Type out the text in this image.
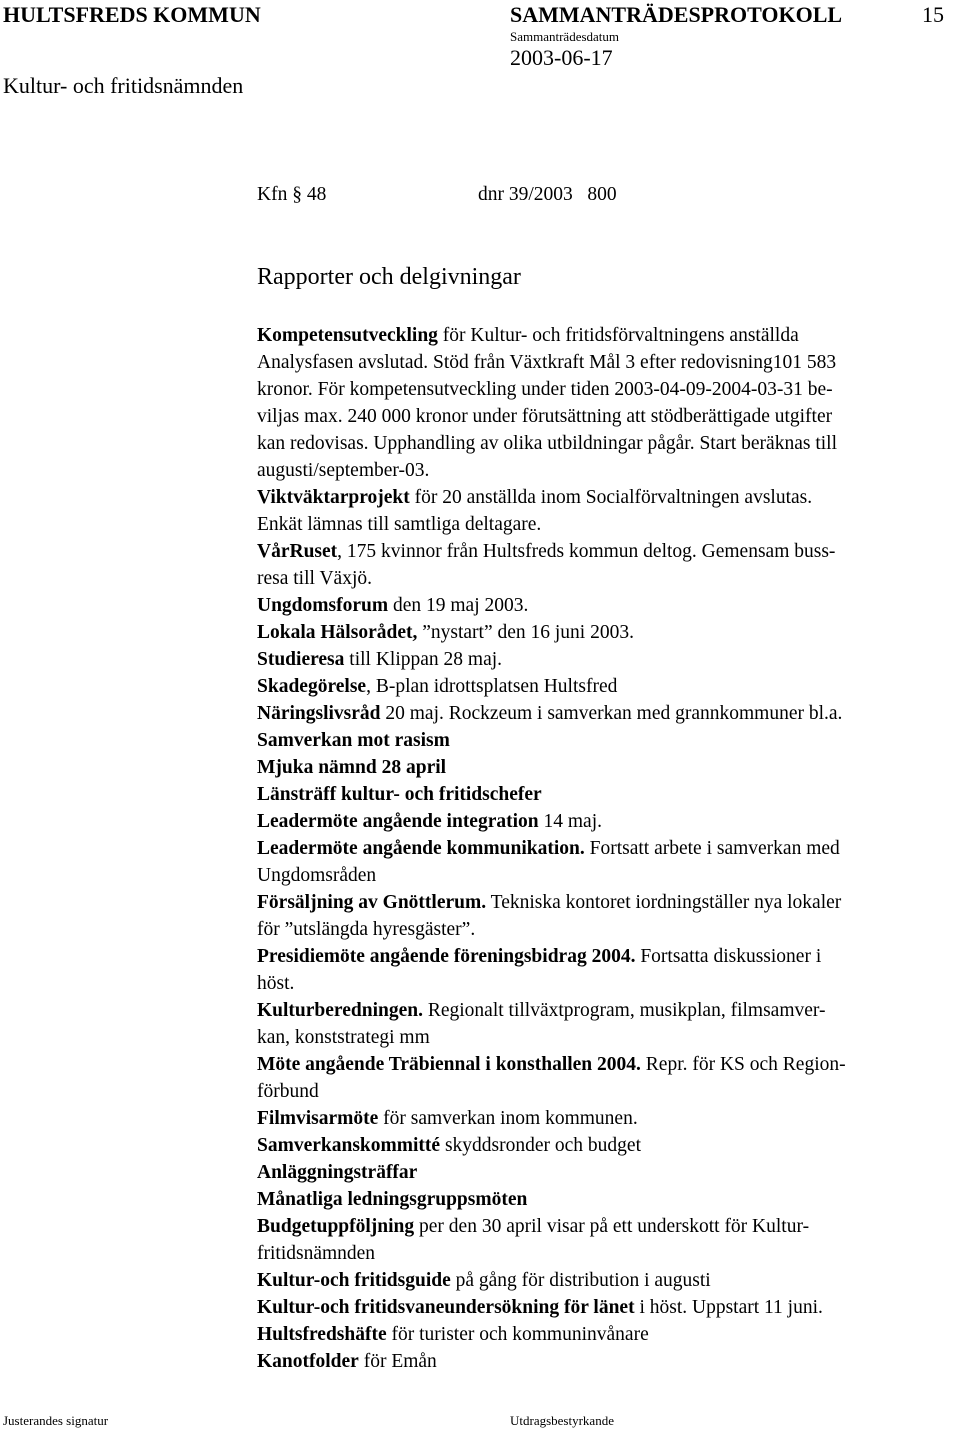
HULTSFREDS KOMMUN	SAMMANTRÄDESPROTOKOLL	15
Sammanträdesdatum
2003-06-17
Kultur- och fritidsnämnden
Kfn § 48	dnr 39/2003   800
Rapporter och delgivningar
Kompetensutveckling för Kultur- och fritidsförvaltningens anställda
Analysfasen avslutad. Stöd från Växtkraft Mål 3 efter redovisning101 583
kronor. För kompetensutveckling under tiden 2003-04-09-2004-03-31 be-
viljas max. 240 000 kronor under förutsättning att stödberättigade utgifter
kan redovisas. Upphandling av olika utbildningar pågår. Start beräknas till
augusti/september-03.
Viktväktarprojekt för 20 anställda inom Socialförvaltningen avslutas.
Enkät lämnas till samtliga deltagare.
VårRuset, 175 kvinnor från Hultsfreds kommun deltog. Gemensam buss-
resa till Växjö.
Ungdomsforum den 19 maj 2003.
Lokala Hälsorådet, ”nystart” den 16 juni 2003.
Studieresa till Klippan 28 maj.
Skadegörelse, B-plan idrottsplatsen Hultsfred
Näringslivsråd 20 maj. Rockzeum i samverkan med grannkommuner bl.a.
Samverkan mot rasism
Mjuka nämnd 28 april
Länsträff kultur- och fritidschefer
Leadermöte angående integration 14 maj.
Leadermöte angående kommunikation. Fortsatt arbete i samverkan med
Ungdomsråden
Försäljning av Gnöttlerum. Tekniska kontoret iordningställer nya lokaler
för ”utslängda hyresgäster”.
Presidiemöte angående föreningsbidrag 2004. Fortsatta diskussioner i
höst.
Kulturberedningen. Regionalt tillväxtprogram, musikplan, filmsamver-
kan, konststrategi mm
Möte angående Träbiennal i konsthallen 2004. Repr. för KS och Region-
förbund
Filmvisarmöte för samverkan inom kommunen.
Samverkanskommitté skyddsronder och budget
Anläggningsträffar
Månatliga ledningsgruppsmöten
Budgetuppföljning per den 30 april visar på ett underskott för Kultur-
fritidsnämnden
Kultur-och fritidsguide på gång för distribution i augusti
Kultur-och fritidsvaneundersökning för länet i höst. Uppstart 11 juni.
Hultsfredshäfte för turister och kommuninvånare
Kanotfolder för Emån
Justerandes signatur	Utdragsbestyrkande
